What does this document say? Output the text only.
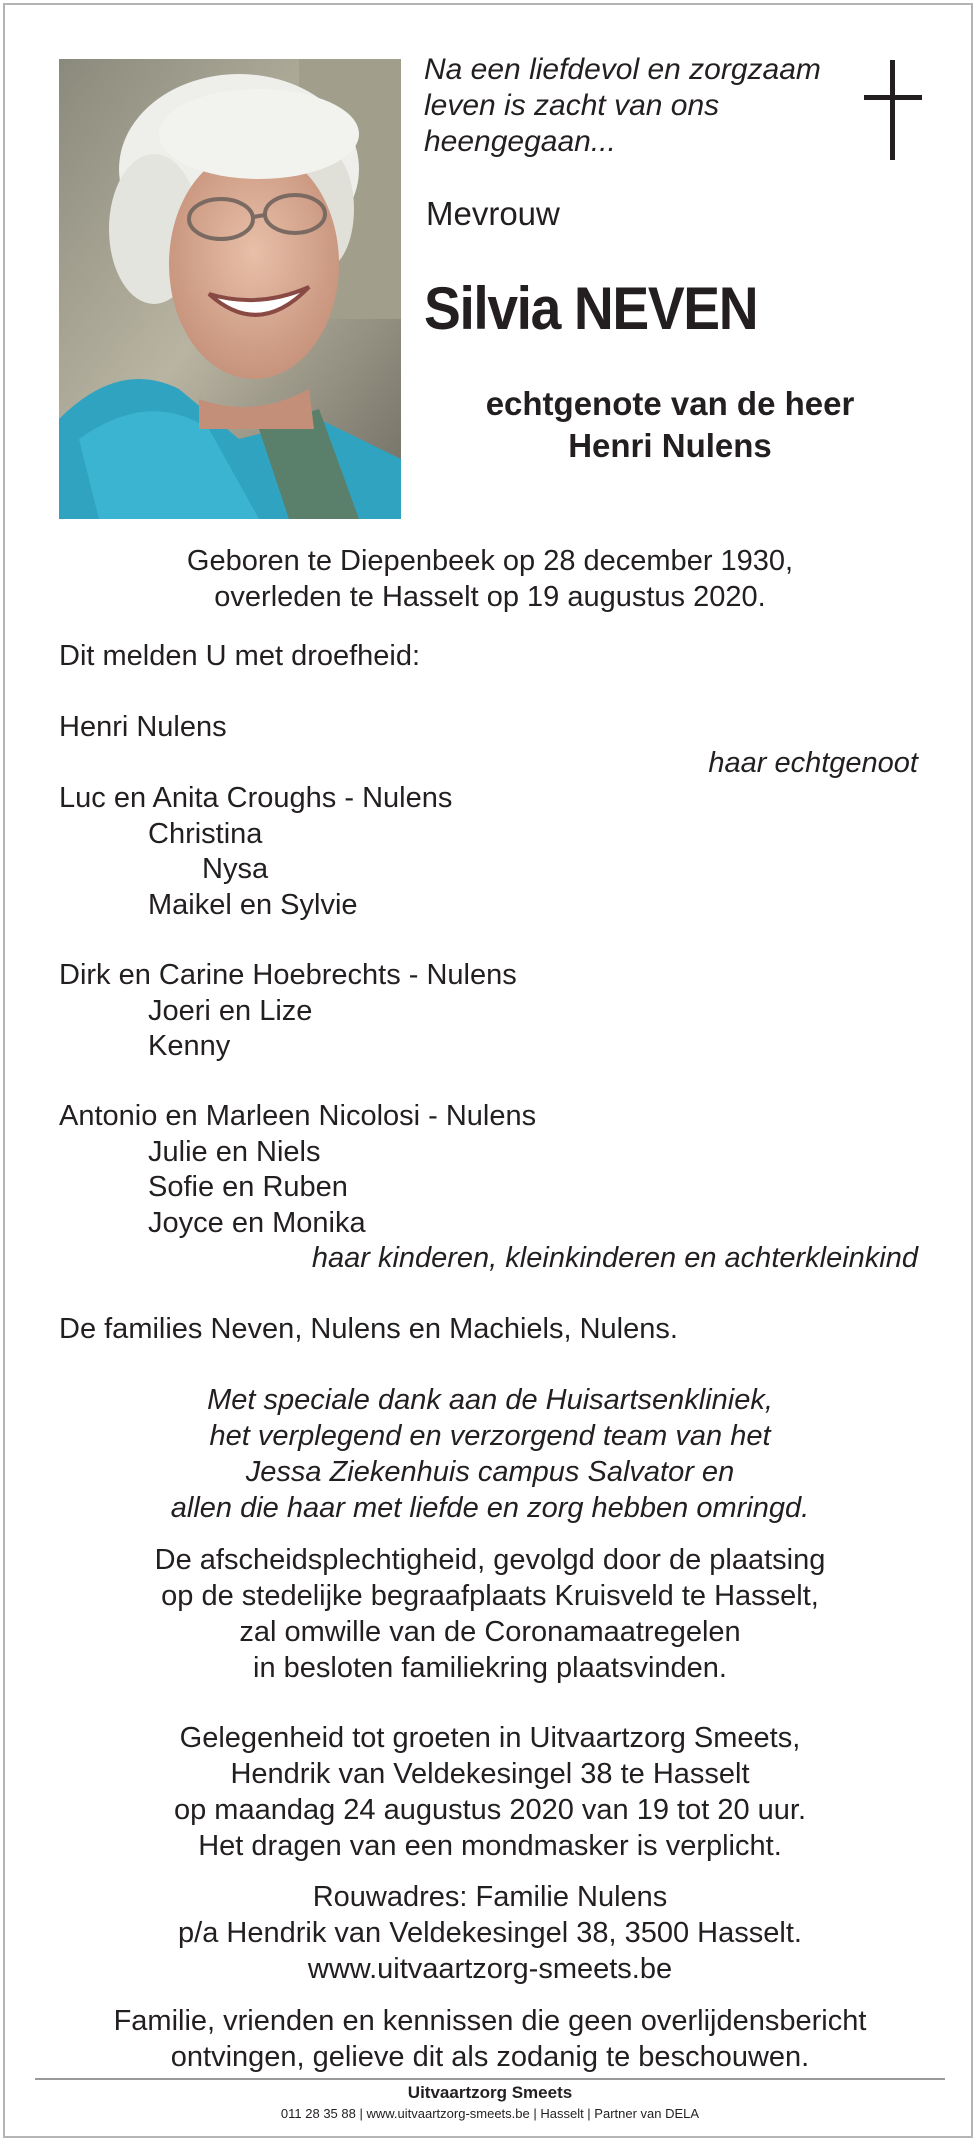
Na een liefdevol en zorgzaam
leven is zacht van ons
heengegaan...
Mevrouw
Silvia NEVEN
echtgenote van de heer
Henri Nulens
Geboren te Diepenbeek op 28 december 1930,
overleden te Hasselt op 19 augustus 2020.
Dit melden U met droefheid:
Henri Nulens
haar echtgenoot
Luc en Anita Croughs - Nulens
Christina
Nysa
Maikel en Sylvie
Dirk en Carine Hoebrechts - Nulens
Joeri en Lize
Kenny
Antonio en Marleen Nicolosi - Nulens
Julie en Niels
Sofie en Ruben
Joyce en Monika
haar kinderen, kleinkinderen en achterkleinkind
De families Neven, Nulens en Machiels, Nulens.
Met speciale dank aan de Huisartsenkliniek,
het verplegend en verzorgend team van het
Jessa Ziekenhuis campus Salvator en
allen die haar met liefde en zorg hebben omringd.
De afscheidsplechtigheid, gevolgd door de plaatsing
op de stedelijke begraafplaats Kruisveld te Hasselt,
zal omwille van de Coronamaatregelen
in besloten familiekring plaatsvinden.
Gelegenheid tot groeten in Uitvaartzorg Smeets,
Hendrik van Veldekesingel 38 te Hasselt
op maandag 24 augustus 2020 van 19 tot 20 uur.
Het dragen van een mondmasker is verplicht.
Rouwadres: Familie Nulens
p/a Hendrik van Veldekesingel 38, 3500 Hasselt.
www.uitvaartzorg-smeets.be
Familie, vrienden en kennissen die geen overlijdensbericht
ontvingen, gelieve dit als zodanig te beschouwen.
Uitvaartzorg Smeets
011 28 35 88 | www.uitvaartzorg-smeets.be | Hasselt | Partner van DELA
